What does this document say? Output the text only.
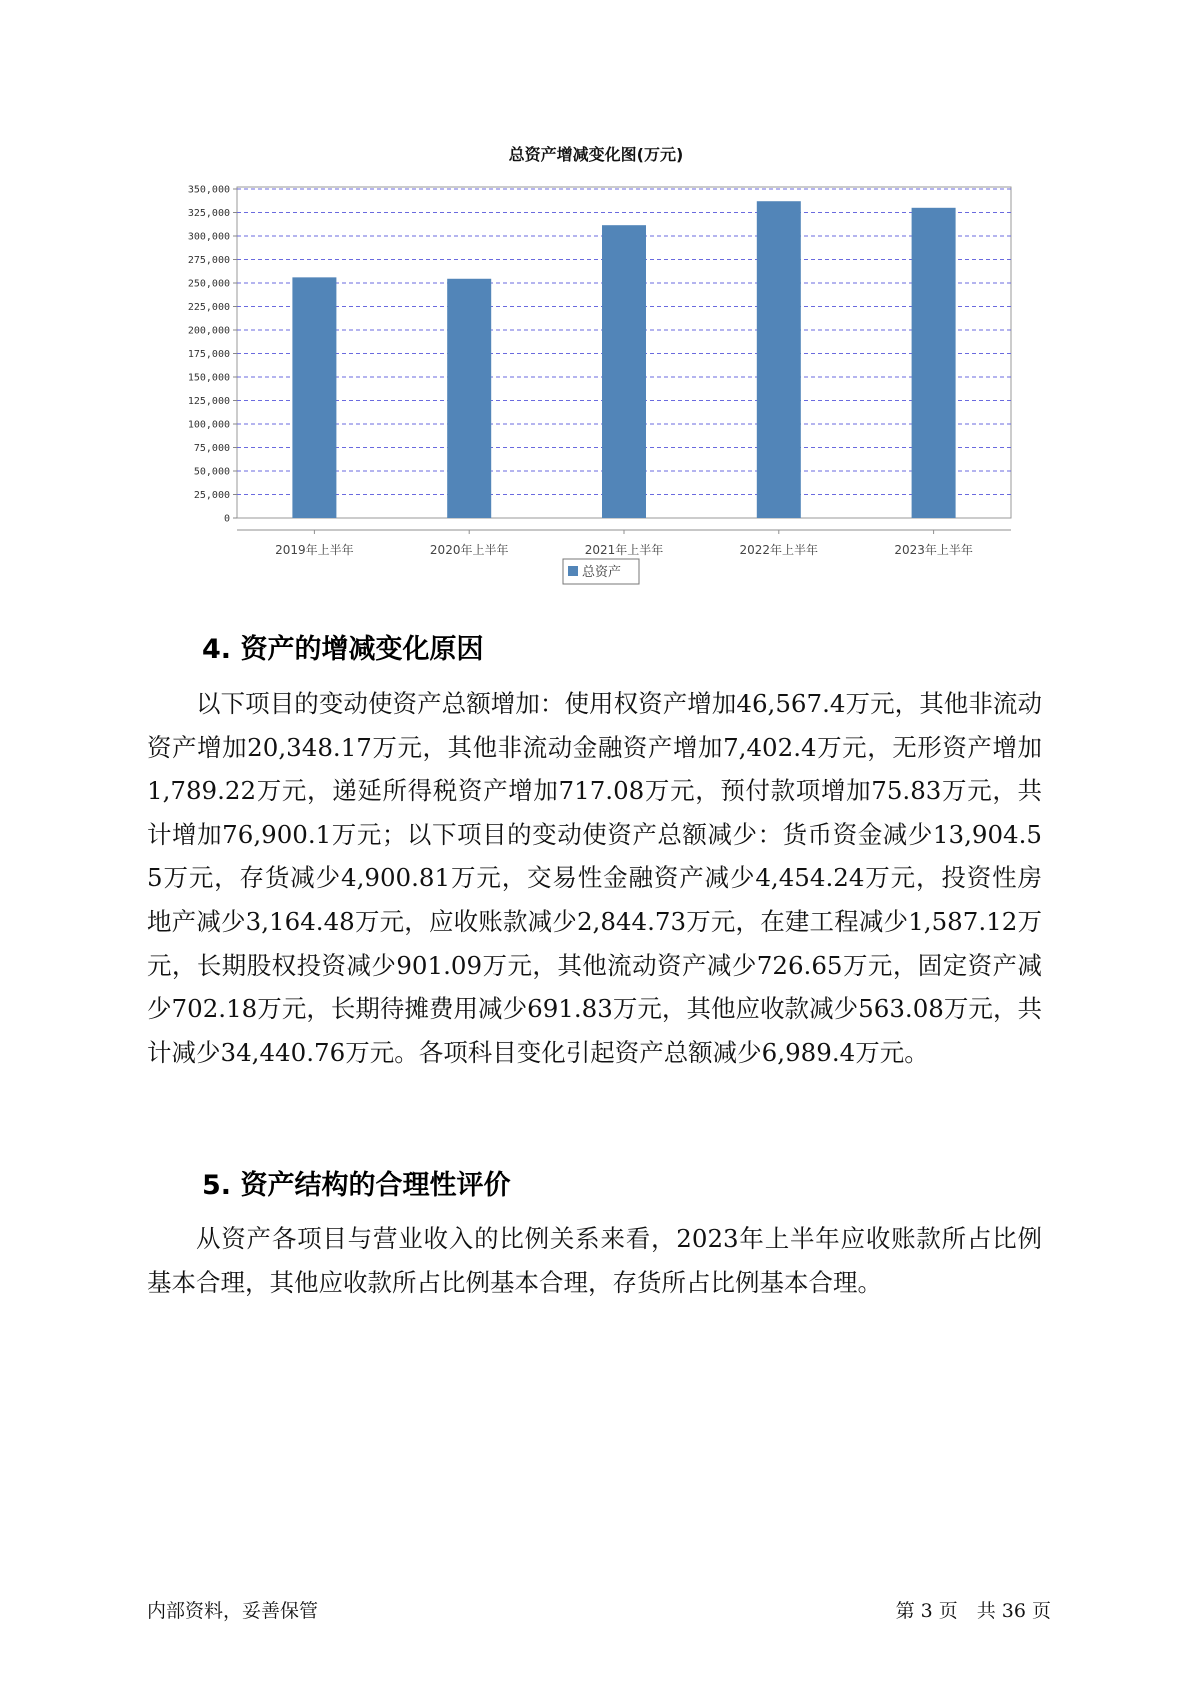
总资产增减变化图(万元)
0
25,000
50,000
75,000
100,000
125,000
150,000
175,000
200,000
225,000
250,000
275,000
300,000
325,000
350,000
2019年上半年	2020年上半年	2021年上半年	2022年上半年	2023年上半年
总资产
4. 资产的增减变化原因

以下项目的变动使资产总额增加：使用权资产增加46,567.4万元，其他非流动资产增加20,348.17万元，其他非流动金融资产增加7,402.4万元，无形资产增加1,789.22万元，递延所得税资产增加717.08万元，预付款项增加75.83万元，共计增加76,900.1万元；以下项目的变动使资产总额减少：货币资金减少13,904.55万元，存货减少4,900.81万元，交易性金融资产减少4,454.24万元，投资性房地产减少3,164.48万元，应收账款减少2,844.73万元，在建工程减少1,587.12万元，长期股权投资减少901.09万元，其他流动资产减少726.65万元，固定资产减少702.18万元，长期待摊费用减少691.83万元，其他应收款减少563.08万元，共计减少34,440.76万元。各项科目变化引起资产总额减少6,989.4万元。

5. 资产结构的合理性评价

从资产各项目与营业收入的比例关系来看，2023年上半年应收账款所占比例基本合理，其他应收款所占比例基本合理，存货所占比例基本合理。

内部资料，妥善保管	第 3 页　共 36 页
